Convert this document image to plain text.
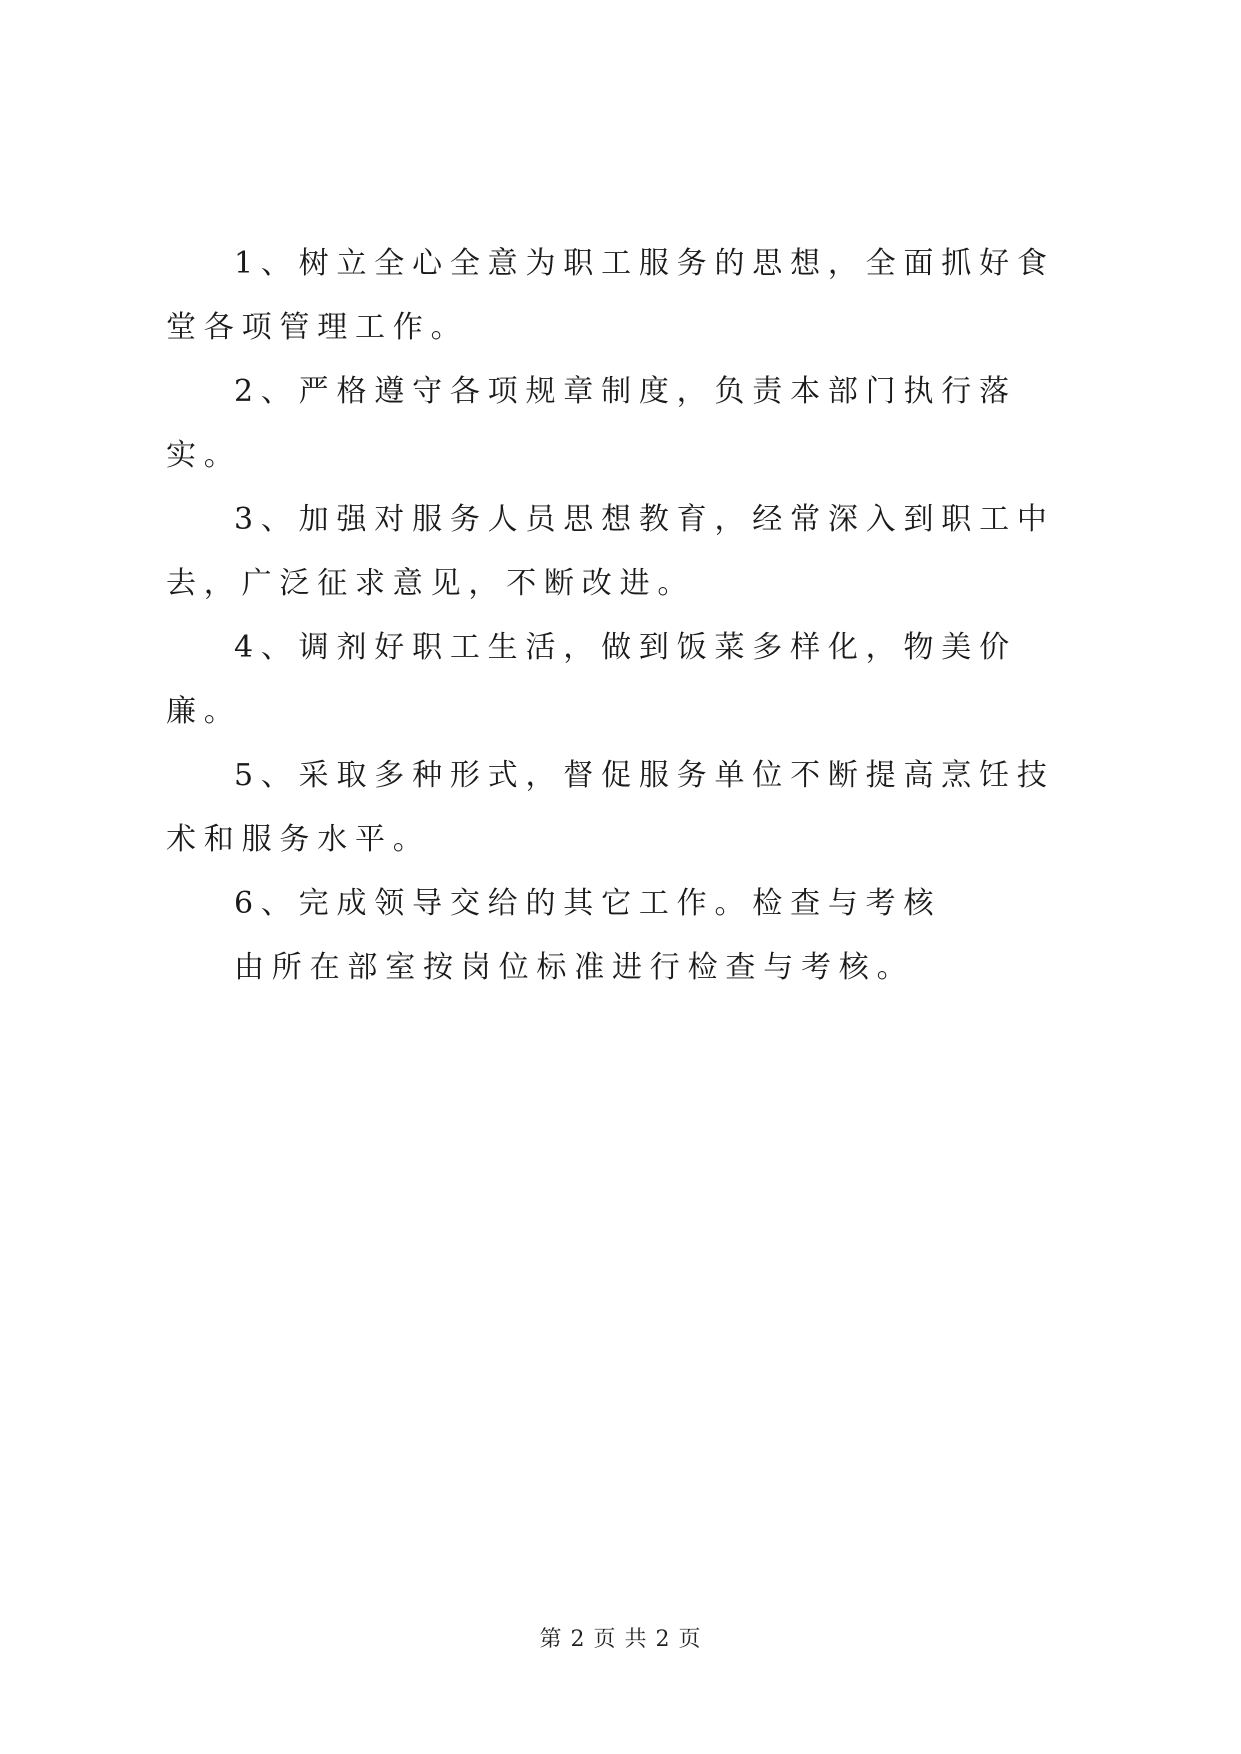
1、树立全心全意为职工服务的思想，全面抓好食堂各项管理工作。

2、严格遵守各项规章制度，负责本部门执行落实。

3、加强对服务人员思想教育，经常深入到职工中去，广泛征求意见，不断改进。

4、调剂好职工生活，做到饭菜多样化，物美价廉。

5、采取多种形式，督促服务单位不断提高烹饪技术和服务水平。

6、完成领导交给的其它工作。检查与考核

由所在部室按岗位标准进行检查与考核。

第 2 页 共 2 页
